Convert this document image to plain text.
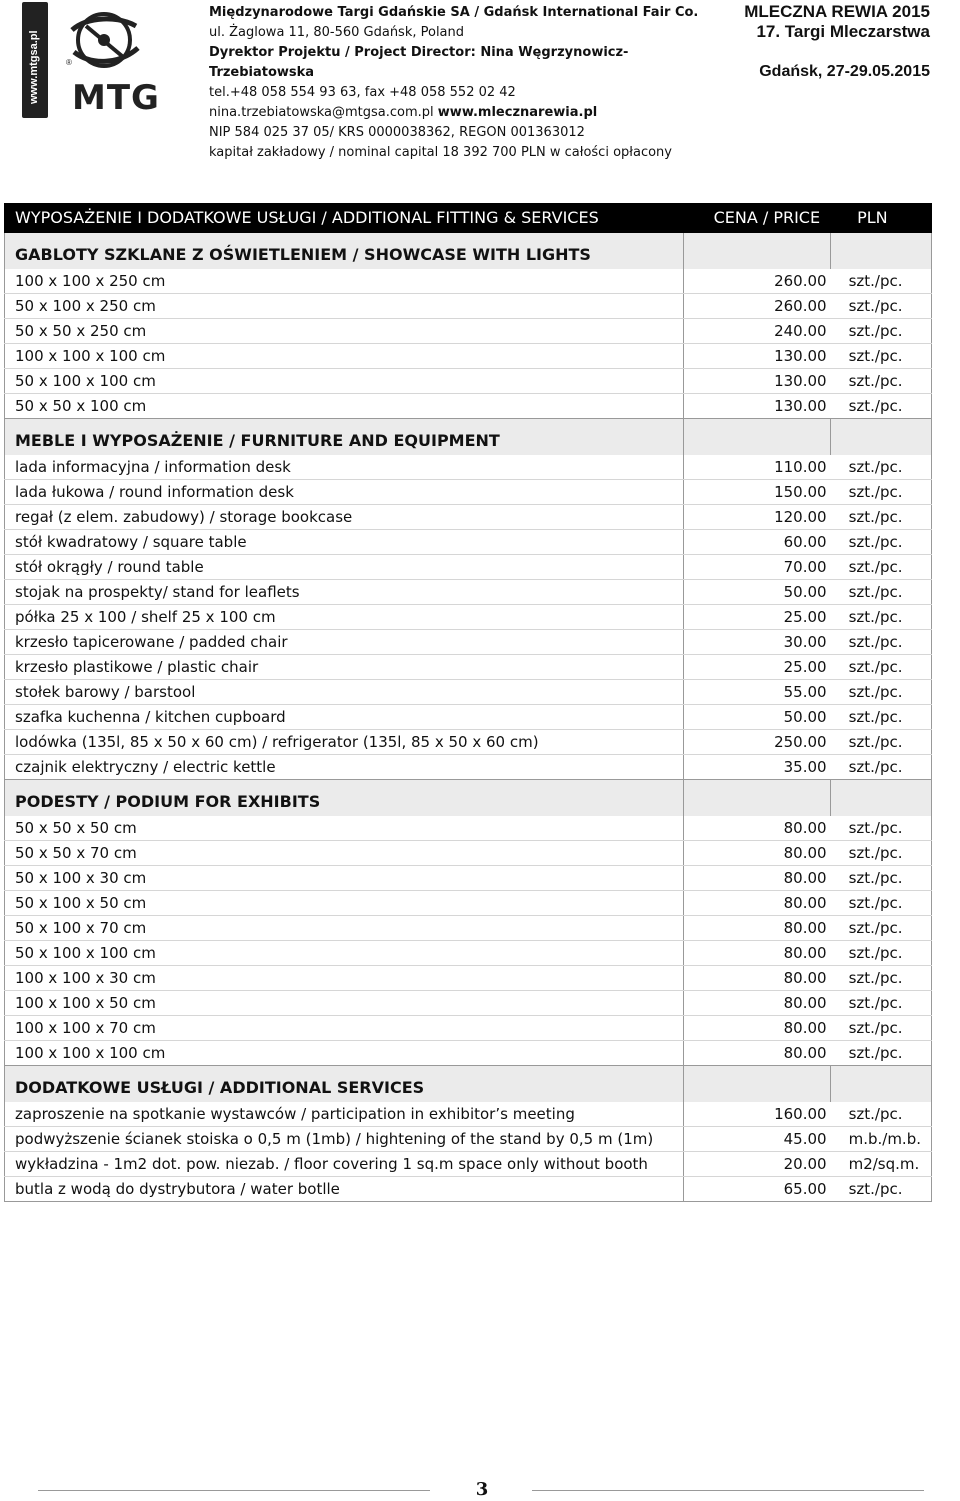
www.mtgsa.pl	®
MTG
Międzynarodowe Targi Gdańskie SA / Gdańsk International Fair Co.
ul. Żaglowa 11, 80-560 Gdańsk, Poland
Dyrektor Projektu / Project Director: Nina Węgrzynowicz-Trzebiatowska
tel.+48 058 554 93 63, fax +48 058 552 02 42
nina.trzebiatowska@mtgsa.com.pl www.mlecznarewia.pl
NIP 584 025 37 05/ KRS 0000038362, REGON 001363012
kapitał zakładowy / nominal capital 18 392 700 PLN w całości opłacony
MLECZNA REWIA 2015
17. Targi Mleczarstwa
Gdańsk, 27-29.05.2015
WYPOSAŻENIE I DODATKOWE USŁUGI / ADDITIONAL FITTING & SERVICES	CENA / PRICE	PLN
GABLOTY SZKLANE Z OŚWIETLENIEM / SHOWCASE WITH LIGHTS		
100 x 100 x 250 cm	260.00	szt./pc.
50 x 100 x 250 cm	260.00	szt./pc.
50 x 50 x 250 cm	240.00	szt./pc.
100 x 100 x 100 cm	130.00	szt./pc.
50 x 100 x 100 cm	130.00	szt./pc.
50 x 50 x 100 cm	130.00	szt./pc.
MEBLE I WYPOSAŻENIE / FURNITURE AND EQUIPMENT		
lada informacyjna / information desk	110.00	szt./pc.
lada łukowa / round information desk	150.00	szt./pc.
regał (z elem. zabudowy) / storage bookcase	120.00	szt./pc.
stół kwadratowy / square table	60.00	szt./pc.
stół okrągły / round table	70.00	szt./pc.
stojak na prospekty/ stand for leaflets	50.00	szt./pc.
półka 25 x 100 / shelf 25 x 100 cm	25.00	szt./pc.
krzesło tapicerowane / padded chair	30.00	szt./pc.
krzesło plastikowe / plastic chair	25.00	szt./pc.
stołek barowy / barstool	55.00	szt./pc.
szafka kuchenna / kitchen cupboard	50.00	szt./pc.
lodówka (135l, 85 x 50 x 60 cm) / refrigerator (135l, 85 x 50 x 60 cm)	250.00	szt./pc.
czajnik elektryczny / electric kettle	35.00	szt./pc.
PODESTY / PODIUM FOR EXHIBITS		
50 x 50 x 50 cm	80.00	szt./pc.
50 x 50 x 70 cm	80.00	szt./pc.
50 x 100 x 30 cm	80.00	szt./pc.
50 x 100 x 50 cm	80.00	szt./pc.
50 x 100 x 70 cm	80.00	szt./pc.
50 x 100 x 100 cm	80.00	szt./pc.
100 x 100 x 30 cm	80.00	szt./pc.
100 x 100 x 50 cm	80.00	szt./pc.
100 x 100 x 70 cm	80.00	szt./pc.
100 x 100 x 100 cm	80.00	szt./pc.
DODATKOWE USŁUGI / ADDITIONAL SERVICES		
zaproszenie na spotkanie wystawców / participation in exhibitor’s meeting	160.00	szt./pc.
podwyższenie ścianek stoiska o 0,5 m (1mb) / hightening of the stand by 0,5 m (1m)	45.00	m.b./m.b.
wykładzina - 1m2 dot. pow. niezab. / floor covering 1 sq.m space only without booth	20.00	m2/sq.m.
butla z wodą do dystrybutora / water botlle	65.00	szt./pc.
3
